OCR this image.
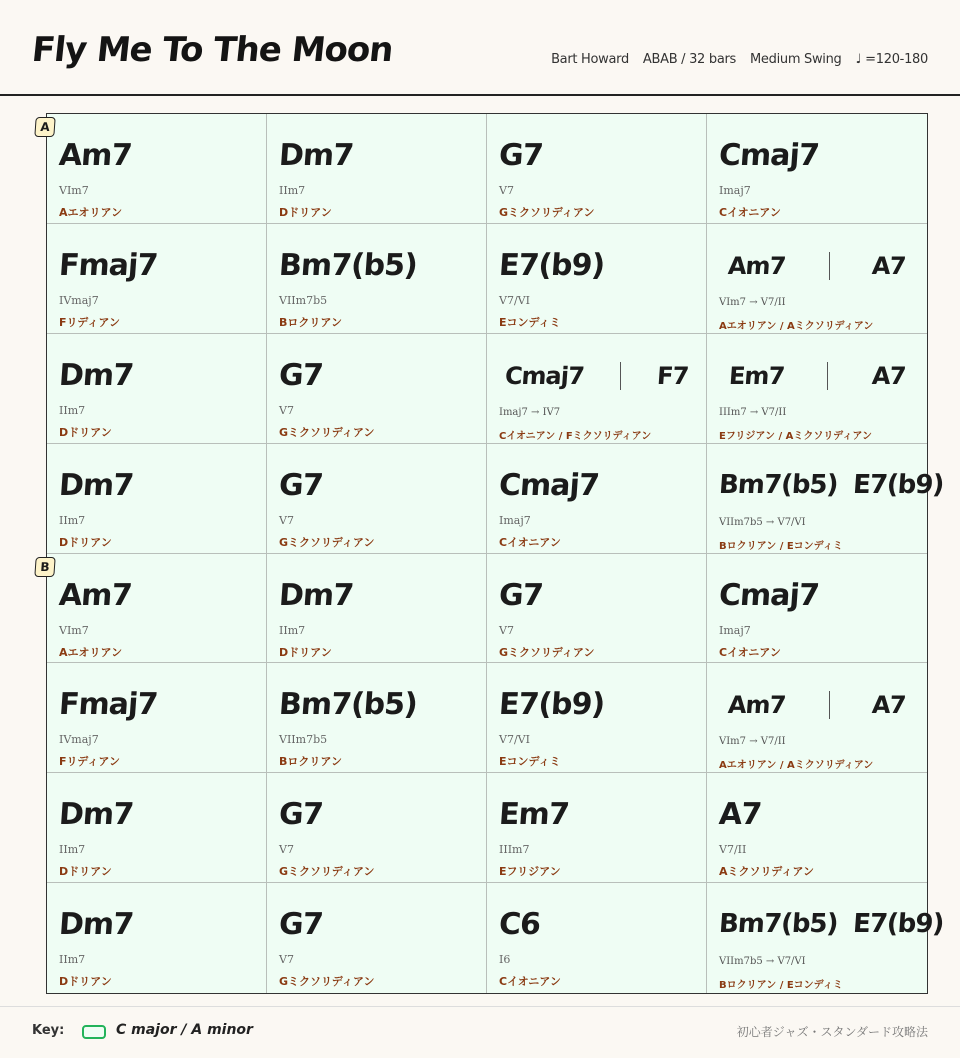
Fly Me To The Moon	Bart Howard ABAB / 32 bars Medium Swing ♩ =120-180
Am7
VIm7
Aエオリアン
Dm7
IIm7
Dドリアン
G7
V7
Gミクソリディアン
Cmaj7
Imaj7
Cイオニアン
Fmaj7
IVmaj7
Fリディアン
Bm7(b5)
VIIm7b5
Bロクリアン
E7(b9)
V7/VI
Eコンディミ
Am7	A7
VIm7 → V7/II
Aエオリアン / Aミクソリディアン
Dm7
IIm7
Dドリアン
G7
V7
Gミクソリディアン
Cmaj7	F7
Imaj7 → IV7
Cイオニアン / Fミクソリディアン
Em7	A7
IIIm7 → V7/II
Eフリジアン / Aミクソリディアン
Dm7
IIm7
Dドリアン
G7
V7
Gミクソリディアン
Cmaj7
Imaj7
Cイオニアン
Bm7(b5) E7(b9)
VIIm7b5 → V7/VI
Bロクリアン / Eコンディミ
Am7
VIm7
Aエオリアン
Dm7
IIm7
Dドリアン
G7
V7
Gミクソリディアン
Cmaj7
Imaj7
Cイオニアン
Fmaj7
IVmaj7
Fリディアン
Bm7(b5)
VIIm7b5
Bロクリアン
E7(b9)
V7/VI
Eコンディミ
Am7	A7
VIm7 → V7/II
Aエオリアン / Aミクソリディアン
Dm7
IIm7
Dドリアン
G7
V7
Gミクソリディアン
Em7
IIIm7
Eフリジアン
A7
V7/II
Aミクソリディアン
Dm7
IIm7
Dドリアン
G7
V7
Gミクソリディアン
C6
I6
Cイオニアン
Bm7(b5) E7(b9)
VIIm7b5 → V7/VI
Bロクリアン / Eコンディミ
A
B
Key:	C major / A minor	初心者ジャズ・スタンダード攻略法
